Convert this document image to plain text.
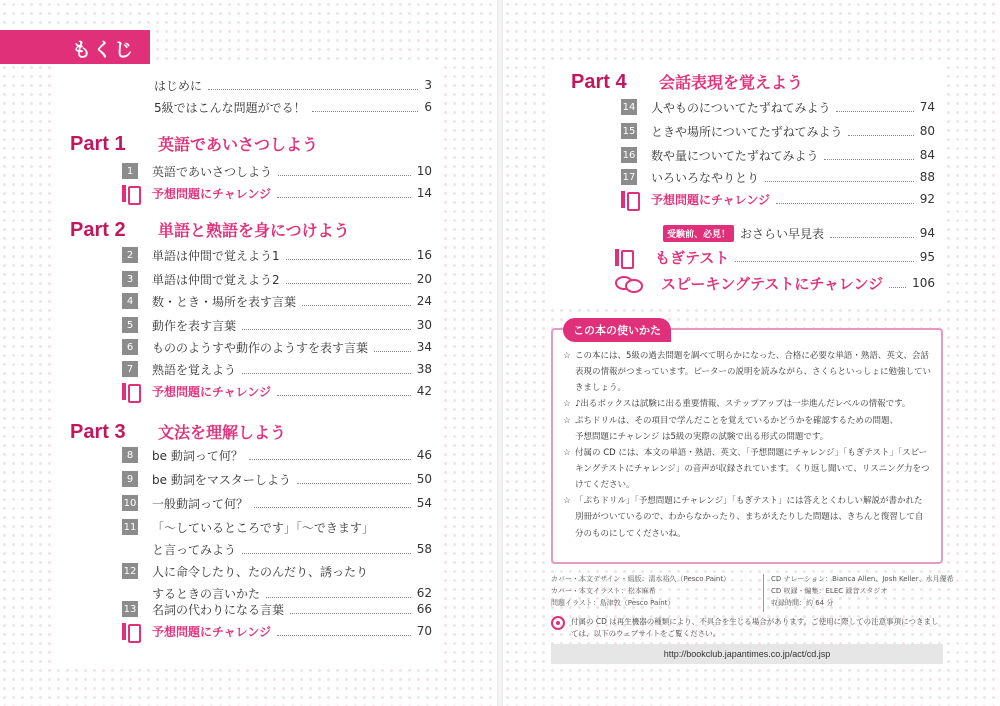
もくじ
はじめに	3
5級ではこんな問題がでる！	6
Part 1	英語であいさつしよう
1	英語であいさつしよう	10
予想問題にチャレンジ	14
Part 2	単語と熟語を身につけよう
2	単語は仲間で覚えよう1	16
3	単語は仲間で覚えよう2	20
4	数・とき・場所を表す言葉	24
5	動作を表す言葉	30
6	もののようすや動作のようすを表す言葉	34
7	熟語を覚えよう	38
予想問題にチャレンジ	42
Part 3	文法を理解しよう
8	be 動詞って何？	46
9	be 動詞をマスターしよう	50
10 一般動詞って何？	54
11 「～しているところです」「～できます」
と言ってみよう	58
12 人に命令したり、たのんだり、誘ったり
するときの言いかた	62
13 名詞の代わりになる言葉	66
予想問題にチャレンジ	70
Part 4	会話表現を覚えよう
14 人やものについてたずねてみよう	74
15 ときや場所についてたずねてみよう	80
16 数や量についてたずねてみよう	84
17 いろいろなやりとり	88
予想問題にチャレンジ	92
受験前、必見！ おさらい早見表	94
もぎテスト	95
スピーキングテストにチャレンジ 106
この本の使いかた
☆ この本には、5級の過去問題を調べて明らかになった、合格に必要な単語・熟語、英文、会話表現の情報がつまっています。ピーターの説明を読みながら、さくらといっしょに勉強していきましょう。
☆ ♪出るボックスは試験に出る重要情報、ステップアップは一歩進んだレベルの情報です。
☆ ぷちドリルは、その項目で学んだことを覚えているかどうかを確認するための問題、
予想問題にチャレンジ は5級の実際の試験で出る形式の問題です。
☆ 付属の CD には、本文の単語・熟語、英文、「予想問題にチャレンジ」「もぎテスト」「スピーキングテストにチャレンジ」の音声が収録されています。くり返し聞いて、リスニング力をつけてください。
☆ 「ぷちドリル」「予想問題にチャレンジ」「もぎテスト」には答えとくわしい解説が書かれた 別冊がついているので、わからなかったり、まちがえたりした問題は、きちんと復習して自分のものにしてくださいね。
カバー・本文デザイン・組版：清水裕久（Pesco Paint）
カバー・本文イラスト：松本麻希
問題イラスト：島津敦（Pesco Paint）
CD ナレーション：Bianca Allen、Josh Keller、水月優希
CD 収録・編集：ELEC 録音スタジオ
収録時間：約 64 分
付属の CD は再生機器の種類により、不具合を生じる場合があります。ご使用に際しての注意事項につきましては、以下のウェブサイトをご覧ください。
http://bookclub.japantimes.co.jp/act/cd.jsp
